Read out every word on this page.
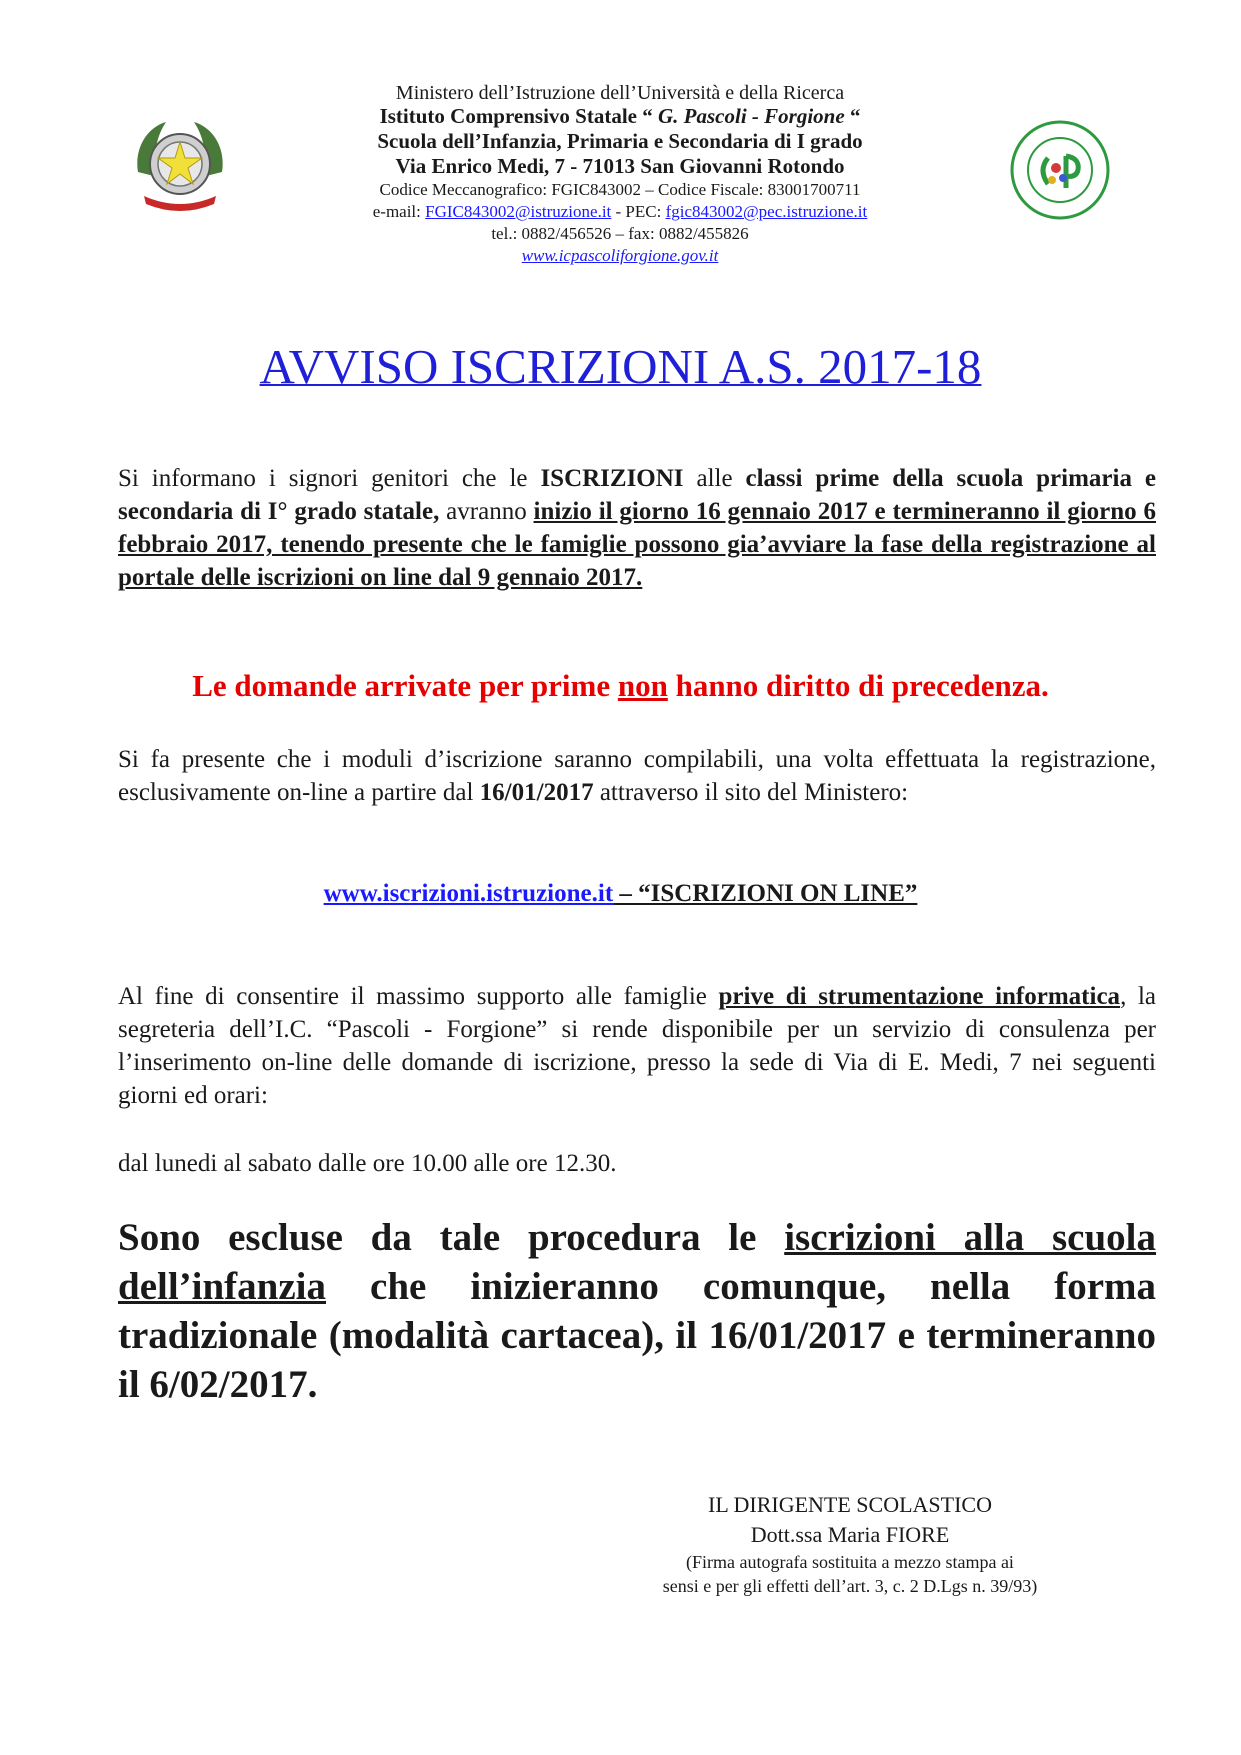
Ministero dell’Istruzione dell’Università e della Ricerca
Istituto Comprensivo Statale “ G. Pascoli - Forgione “
Scuola dell’Infanzia, Primaria e Secondaria di I grado
Via Enrico Medi, 7 - 71013 San Giovanni Rotondo
Codice Meccanografico: FGIC843002 – Codice Fiscale: 83001700711
e-mail: FGIC843002@istruzione.it - PEC: fgic843002@pec.istruzione.it
tel.: 0882/456526 – fax: 0882/455826
www.icpascoliforgione.gov.it
AVVISO ISCRIZIONI A.S. 2017-18
Si informano i signori genitori che le ISCRIZIONI alle classi prime della scuola primaria e secondaria di I° grado statale, avranno inizio il giorno 16 gennaio 2017 e termineranno il giorno 6 febbraio 2017, tenendo presente che le famiglie possono gia’avviare la fase della registrazione al portale delle iscrizioni on line dal 9 gennaio 2017.
Le domande arrivate per prime non hanno diritto di precedenza.
Si fa presente che i moduli d’iscrizione saranno compilabili, una volta effettuata la registrazione, esclusivamente on-line a partire dal 16/01/2017 attraverso il sito del Ministero:
www.iscrizioni.istruzione.it – “ISCRIZIONI ON LINE”
Al fine di consentire il massimo supporto alle famiglie prive di strumentazione informatica, la segreteria dell’I.C. “Pascoli - Forgione” si rende disponibile per un servizio di consulenza per l’inserimento on-line delle domande di iscrizione, presso la sede di Via di E. Medi, 7 nei seguenti giorni ed orari:
dal lunedi al sabato dalle ore 10.00 alle ore 12.30.
Sono escluse da tale procedura le iscrizioni alla scuola dell’infanzia che inizieranno comunque, nella forma tradizionale (modalità cartacea), il 16/01/2017 e termineranno il 6/02/2017.
IL DIRIGENTE SCOLASTICO
Dott.ssa Maria FIORE
(Firma autografa sostituita a mezzo stampa ai
sensi e per gli effetti dell’art. 3, c. 2 D.Lgs n. 39/93)
